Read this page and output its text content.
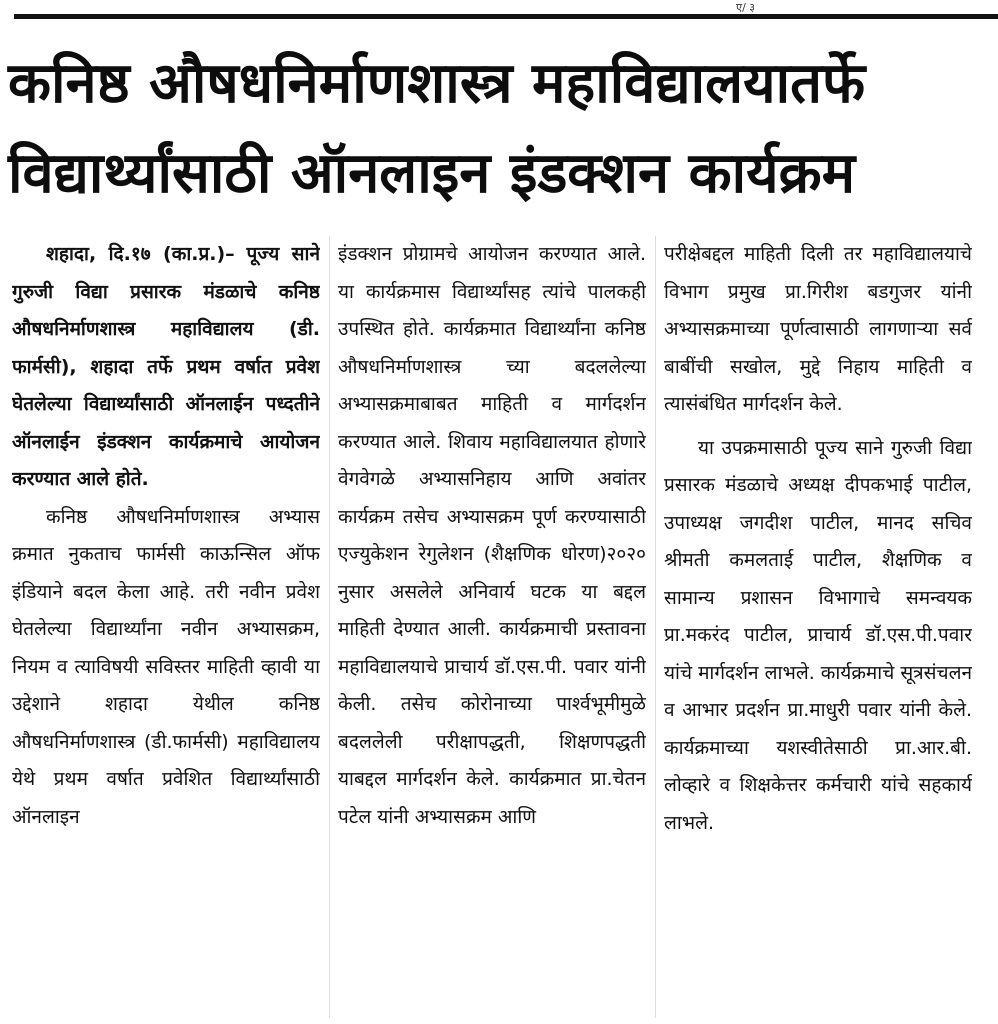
ए/ ३
कनिष्ठ औषधनिर्माणशास्त्र महाविद्यालयातर्फे
विद्यार्थ्यांसाठी ऑनलाइन इंडक्शन कार्यक्रम

शहादा, दि.१७ (का.प्र.)– पूज्य साने गुरुजी विद्या प्रसारक मंडळाचे कनिष्ठ औषधनिर्माणशास्त्र महाविद्यालय (डी. फार्मसी), शहादा तर्फे प्रथम वर्षात प्रवेश घेतलेल्या विद्यार्थ्यांसाठी ऑनलाईन पध्दतीने ऑनलाईन इंडक्शन कार्यक्रमाचे आयोजन करण्यात आले होते.

कनिष्ठ औषधनिर्माणशास्त्र अभ्यास क्रमात नुकताच फार्मसी काऊन्सिल ऑफ इंडियाने बदल केला आहे. तरी नवीन प्रवेश घेतलेल्या विद्यार्थ्यांना नवीन अभ्यासक्रम, नियम व त्याविषयी सविस्तर माहिती व्हावी या उद्देशाने शहादा येथील कनिष्ठ औषधनिर्माणशास्त्र (डी.फार्मसी) महाविद्यालय येथे प्रथम वर्षात प्रवेशित विद्यार्थ्यांसाठी ऑनलाइन

इंडक्शन प्रोग्रामचे आयोजन करण्यात आले. या कार्यक्रमास विद्यार्थ्यांसह त्यांचे पालकही उपस्थित होते. कार्यक्रमात विद्यार्थ्यांना कनिष्ठ औषधनिर्माणशास्त्र च्या बदललेल्या अभ्यासक्रमाबाबत माहिती व मार्गदर्शन करण्यात आले. शिवाय महाविद्यालयात होणारे वेगवेगळे अभ्यासनिहाय आणि अवांतर कार्यक्रम तसेच अभ्यासक्रम पूर्ण करण्यासाठी एज्युकेशन रेगुलेशन (शैक्षणिक धोरण)२०२० नुसार असलेले अनिवार्य घटक या बद्दल माहिती देण्यात आली. कार्यक्रमाची प्रस्तावना महाविद्यालयाचे प्राचार्य डॉ.एस.पी. पवार यांनी केली. तसेच कोरोनाच्या पार्श्वभूमीमुळे बदललेली परीक्षापद्धती, शिक्षणपद्धती याबद्दल मार्गदर्शन केले. कार्यक्रमात प्रा.चेतन पटेल यांनी अभ्यासक्रम आणि

परीक्षेबद्दल माहिती दिली तर महाविद्यालयाचे विभाग प्रमुख प्रा.गिरीश बडगुजर यांनी अभ्यासक्रमाच्या पूर्णत्वासाठी लागणाऱ्या सर्व बाबींची सखोल, मुद्दे निहाय माहिती व त्यासंबंधित मार्गदर्शन केले.

या उपक्रमासाठी पूज्य साने गुरुजी विद्या प्रसारक मंडळाचे अध्यक्ष दीपकभाई पाटील, उपाध्यक्ष जगदीश पाटील, मानद सचिव श्रीमती कमलताई पाटील, शैक्षणिक व सामान्य प्रशासन विभागाचे समन्वयक प्रा.मकरंद पाटील, प्राचार्य डॉ.एस.पी.पवार यांचे मार्गदर्शन लाभले. कार्यक्रमाचे सूत्रसंचलन व आभार प्रदर्शन प्रा.माधुरी पवार यांनी केले. कार्यक्रमाच्या यशस्वीतेसाठी प्रा.आर.बी. लोव्हारे व शिक्षकेत्तर कर्मचारी यांचे सहकार्य लाभले.
